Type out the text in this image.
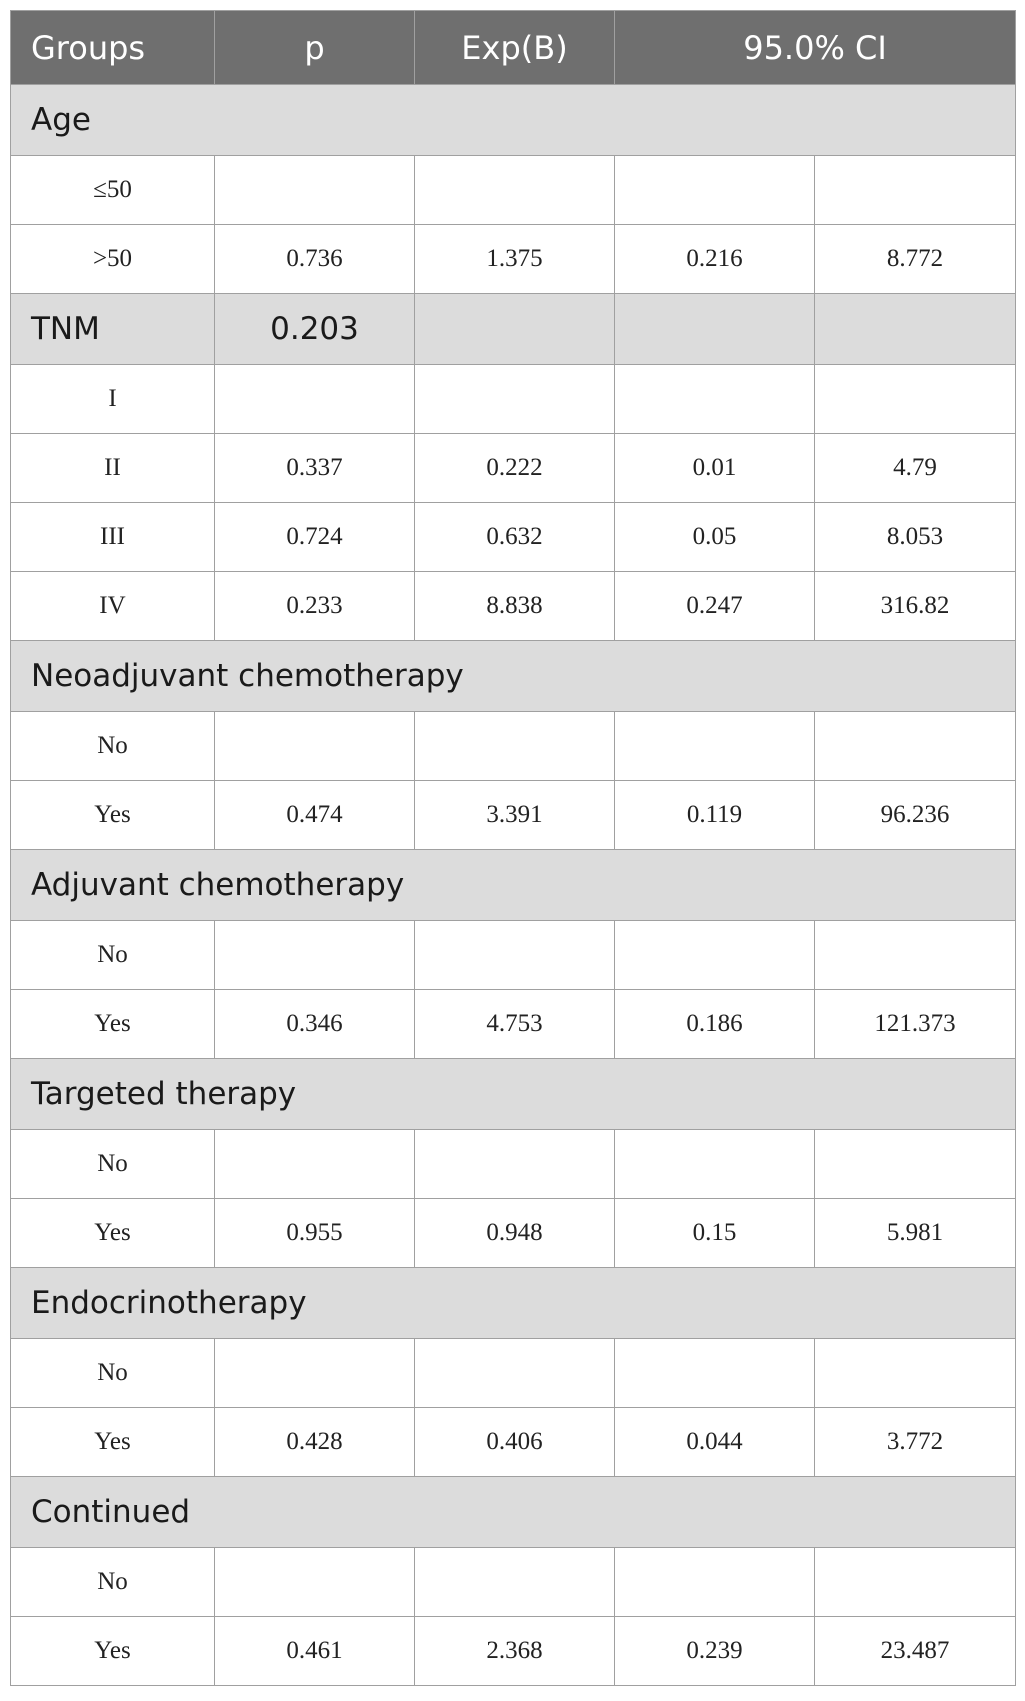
Groups	p	Exp(B)	95.0% CI	
Age				
≤50				
>50	0.736	1.375	0.216	8.772
TNM	0.203			
I				
II	0.337	0.222	0.01	4.79
III	0.724	0.632	0.05	8.053
IV	0.233	8.838	0.247	316.82
Neoadjuvant chemotherapy				
No				
Yes	0.474	3.391	0.119	96.236
Adjuvant chemotherapy				
No				
Yes	0.346	4.753	0.186	121.373
Targeted therapy				
No				
Yes	0.955	0.948	0.15	5.981
Endocrinotherapy				
No				
Yes	0.428	0.406	0.044	3.772
Continued				
No				
Yes	0.461	2.368	0.239	23.487
